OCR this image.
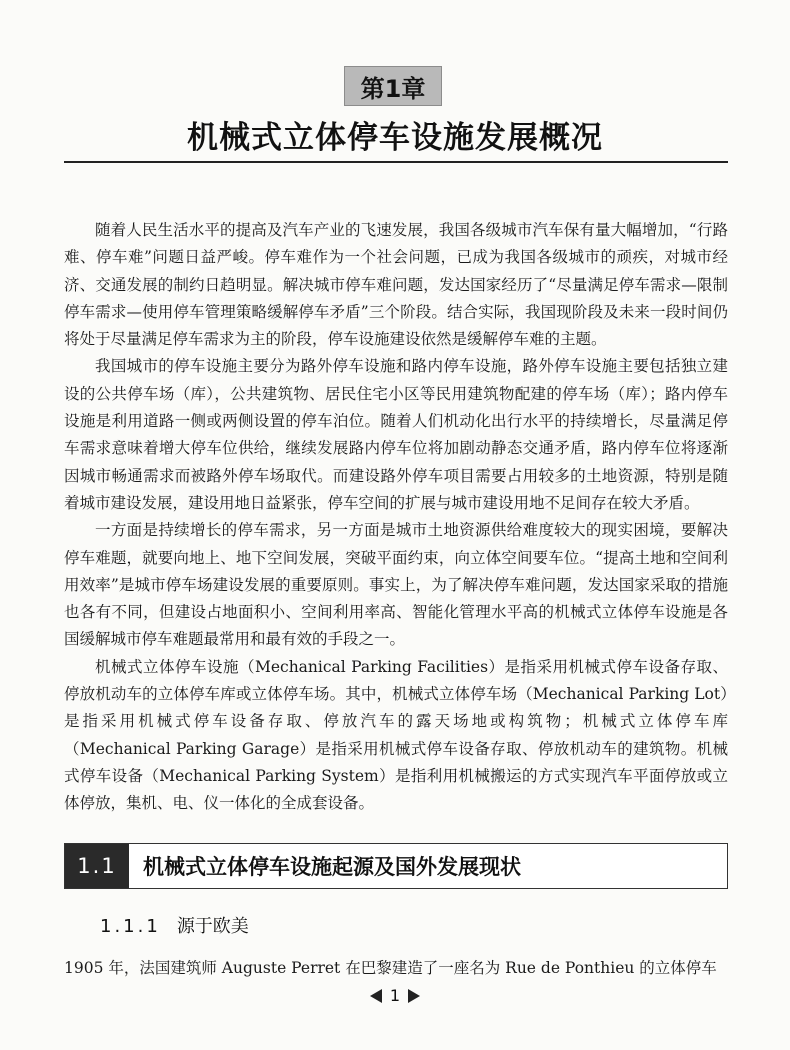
第1章
机械式立体停车设施发展概况

随着人民生活水平的提高及汽车产业的飞速发展，我国各级城市汽车保有量大幅增加，“行路难、停车难”问题日益严峻。停车难作为一个社会问题，已成为我国各级城市的顽疾，对城市经济、交通发展的制约日趋明显。解决城市停车难问题，发达国家经历了“尽量满足停车需求—限制停车需求—使用停车管理策略缓解停车矛盾”三个阶段。结合实际，我国现阶段及未来一段时间仍将处于尽量满足停车需求为主的阶段，停车设施建设依然是缓解停车难的主题。

我国城市的停车设施主要分为路外停车设施和路内停车设施，路外停车设施主要包括独立建设的公共停车场（库），公共建筑物、居民住宅小区等民用建筑物配建的停车场（库）；路内停车设施是利用道路一侧或两侧设置的停车泊位。随着人们机动化出行水平的持续增长，尽量满足停车需求意味着增大停车位供给，继续发展路内停车位将加剧动静态交通矛盾，路内停车位将逐渐因城市畅通需求而被路外停车场取代。而建设路外停车项目需要占用较多的土地资源，特别是随着城市建设发展，建设用地日益紧张，停车空间的扩展与城市建设用地不足间存在较大矛盾。

一方面是持续增长的停车需求，另一方面是城市土地资源供给难度较大的现实困境，要解决停车难题，就要向地上、地下空间发展，突破平面约束，向立体空间要车位。“提高土地和空间利用效率”是城市停车场建设发展的重要原则。事实上，为了解决停车难问题，发达国家采取的措施也各有不同，但建设占地面积小、空间利用率高、智能化管理水平高的机械式立体停车设施是各国缓解城市停车难题最常用和最有效的手段之一。

机械式立体停车设施（Mechanical Parking Facilities）是指采用机械式停车设备存取、停放机动车的立体停车库或立体停车场。其中，机械式立体停车场（Mechanical Parking Lot）是指采用机械式停车设备存取、停放汽车的露天场地或构筑物；机械式立体停车库（Mechanical Parking Garage）是指采用机械式停车设备存取、停放机动车的建筑物。机械式停车设备（Mechanical Parking System）是指利用机械搬运的方式实现汽车平面停放或立体停放，集机、电、仪一体化的全成套设备。

1.1	机械式立体停车设施起源及国外发展现状
1.1.1 源于欧美
1905 年，法国建筑师 Auguste Perret 在巴黎建造了一座名为 Rue de Ponthieu 的立体停车
1
